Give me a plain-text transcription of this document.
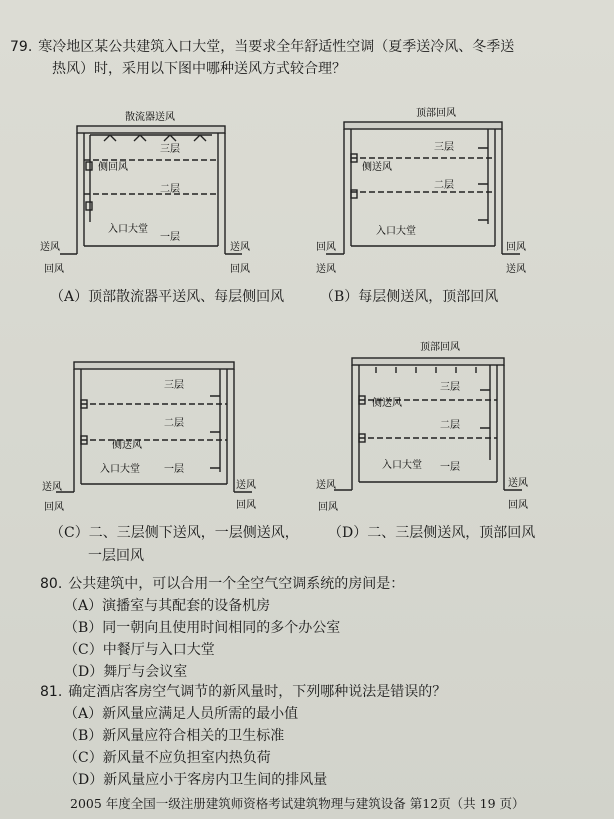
79. 寒冷地区某公共建筑入口大堂，当要求全年舒适性空调（夏季送冷风、冬季送
热风）时，采用以下图中哪种送风方式较合理？
散流器送风
侧回风
三层
二层
入口大堂
一层
送风
回风
送风
回风
顶部回风
侧送风
三层
二层
入口大堂
回风
送风
回风
送风
（A）顶部散流器平送风、每层侧回风	（B）每层侧送风，顶部回风
三层
二层
侧送风
入口大堂 一层
送风
回风
送风
回风
顶部回风
侧送风
三层
二层
入口大堂 一层
送风
回风
送风
回风
（C）二、三层侧下送风，一层侧送风，
一层回风
（D）二、三层侧送风，顶部回风
80. 公共建筑中，可以合用一个全空气空调系统的房间是：
（A）演播室与其配套的设备机房
（B）同一朝向且使用时间相同的多个办公室
（C）中餐厅与入口大堂
（D）舞厅与会议室
81. 确定酒店客房空气调节的新风量时，下列哪种说法是错误的？
（A）新风量应满足人员所需的最小值
（B）新风量应符合相关的卫生标准
（C）新风量不应负担室内热负荷
（D）新风量应小于客房内卫生间的排风量
2005 年度全国一级注册建筑师资格考试建筑物理与建筑设备 第12页（共 19 页）
